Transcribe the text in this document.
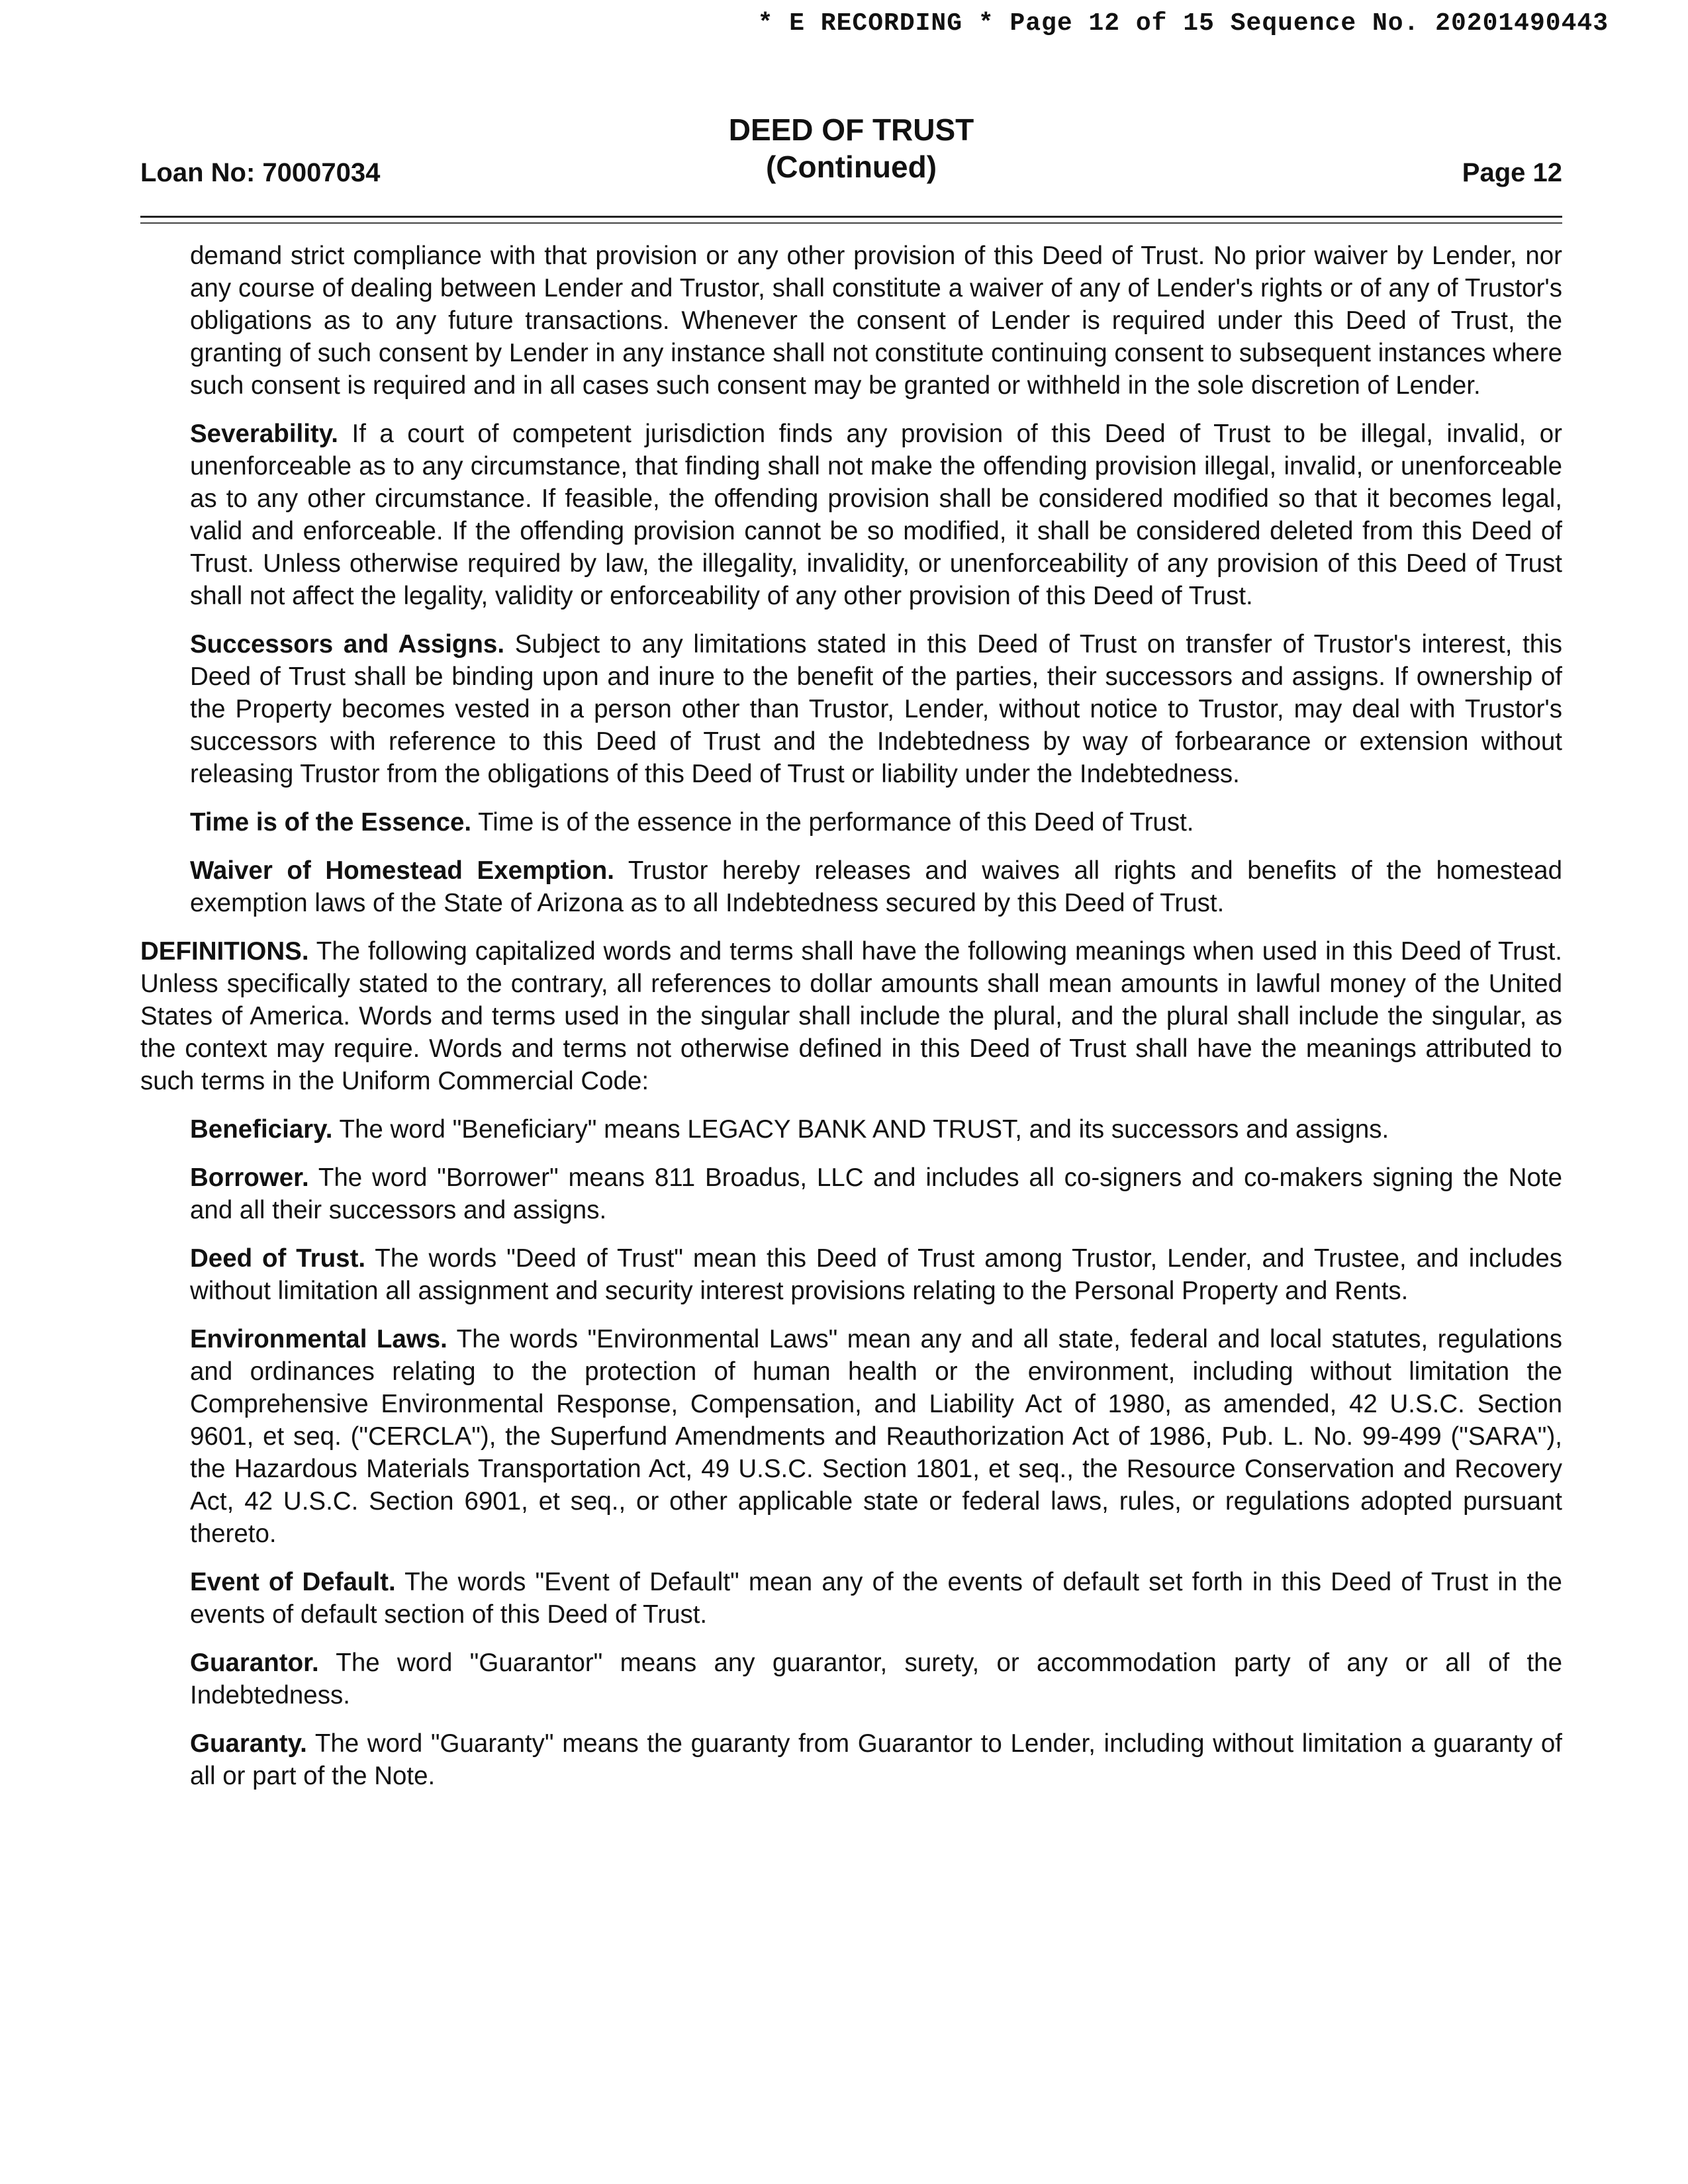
* E RECORDING * Page 12 of 15 Sequence No. 20201490443
DEED OF TRUST
(Continued)
Loan No: 70007034	Page 12

demand strict compliance with that provision or any other provision of this Deed of Trust. No prior waiver by Lender, nor any course of dealing between Lender and Trustor, shall constitute a waiver of any of Lender's rights or of any of Trustor's obligations as to any future transactions. Whenever the consent of Lender is required under this Deed of Trust, the granting of such consent by Lender in any instance shall not constitute continuing consent to subsequent instances where such consent is required and in all cases such consent may be granted or withheld in the sole discretion of Lender.

Severability. If a court of competent jurisdiction finds any provision of this Deed of Trust to be illegal, invalid, or unenforceable as to any circumstance, that finding shall not make the offending provision illegal, invalid, or unenforceable as to any other circumstance. If feasible, the offending provision shall be considered modified so that it becomes legal, valid and enforceable. If the offending provision cannot be so modified, it shall be considered deleted from this Deed of Trust. Unless otherwise required by law, the illegality, invalidity, or unenforceability of any provision of this Deed of Trust shall not affect the legality, validity or enforceability of any other provision of this Deed of Trust.

Successors and Assigns. Subject to any limitations stated in this Deed of Trust on transfer of Trustor's interest, this Deed of Trust shall be binding upon and inure to the benefit of the parties, their successors and assigns. If ownership of the Property becomes vested in a person other than Trustor, Lender, without notice to Trustor, may deal with Trustor's successors with reference to this Deed of Trust and the Indebtedness by way of forbearance or extension without releasing Trustor from the obligations of this Deed of Trust or liability under the Indebtedness.

Time is of the Essence. Time is of the essence in the performance of this Deed of Trust.

Waiver of Homestead Exemption. Trustor hereby releases and waives all rights and benefits of the homestead exemption laws of the State of Arizona as to all Indebtedness secured by this Deed of Trust.

DEFINITIONS. The following capitalized words and terms shall have the following meanings when used in this Deed of Trust. Unless specifically stated to the contrary, all references to dollar amounts shall mean amounts in lawful money of the United States of America. Words and terms used in the singular shall include the plural, and the plural shall include the singular, as the context may require. Words and terms not otherwise defined in this Deed of Trust shall have the meanings attributed to such terms in the Uniform Commercial Code:

Beneficiary. The word "Beneficiary" means LEGACY BANK AND TRUST, and its successors and assigns.

Borrower. The word "Borrower" means 811 Broadus, LLC and includes all co-signers and co-makers signing the Note and all their successors and assigns.

Deed of Trust. The words "Deed of Trust" mean this Deed of Trust among Trustor, Lender, and Trustee, and includes without limitation all assignment and security interest provisions relating to the Personal Property and Rents.

Environmental Laws. The words "Environmental Laws" mean any and all state, federal and local statutes, regulations and ordinances relating to the protection of human health or the environment, including without limitation the Comprehensive Environmental Response, Compensation, and Liability Act of 1980, as amended, 42 U.S.C. Section 9601, et seq. ("CERCLA"), the Superfund Amendments and Reauthorization Act of 1986, Pub. L. No. 99-499 ("SARA"), the Hazardous Materials Transportation Act, 49 U.S.C. Section 1801, et seq., the Resource Conservation and Recovery Act, 42 U.S.C. Section 6901, et seq., or other applicable state or federal laws, rules, or regulations adopted pursuant thereto.

Event of Default. The words "Event of Default" mean any of the events of default set forth in this Deed of Trust in the events of default section of this Deed of Trust.

Guarantor. The word "Guarantor" means any guarantor, surety, or accommodation party of any or all of the Indebtedness.

Guaranty. The word "Guaranty" means the guaranty from Guarantor to Lender, including without limitation a guaranty of all or part of the Note.
